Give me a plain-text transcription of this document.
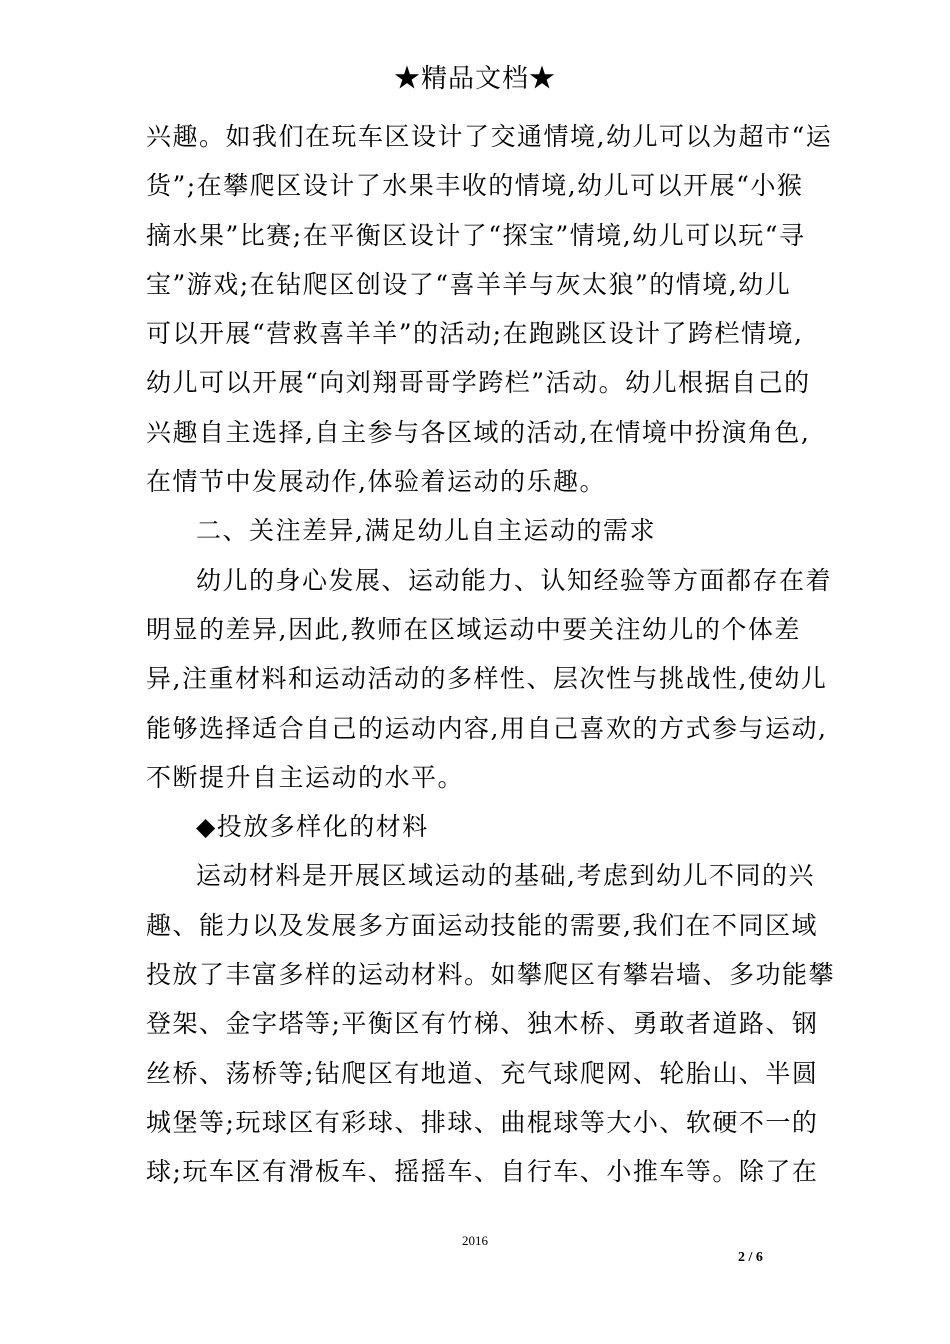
★精品文档★
兴趣。如我们在玩车区设计了交通情境,幼儿可以为超市“运
货”;在攀爬区设计了水果丰收的情境,幼儿可以开展“小猴
摘水果”比赛;在平衡区设计了“探宝”情境,幼儿可以玩“寻
宝”游戏;在钻爬区创设了“喜羊羊与灰太狼”的情境,幼儿
可以开展“营救喜羊羊”的活动;在跑跳区设计了跨栏情境,
幼儿可以开展“向刘翔哥哥学跨栏”活动。幼儿根据自己的
兴趣自主选择,自主参与各区域的活动,在情境中扮演角色,
在情节中发展动作,体验着运动的乐趣。
二、关注差异,满足幼儿自主运动的需求
幼儿的身心发展、运动能力、认知经验等方面都存在着
明显的差异,因此,教师在区域运动中要关注幼儿的个体差
异,注重材料和运动活动的多样性、层次性与挑战性,使幼儿
能够选择适合自己的运动内容,用自己喜欢的方式参与运动,
不断提升自主运动的水平。
◆投放多样化的材料
运动材料是开展区域运动的基础,考虑到幼儿不同的兴
趣、能力以及发展多方面运动技能的需要,我们在不同区域
投放了丰富多样的运动材料。如攀爬区有攀岩墙、多功能攀
登架、金字塔等;平衡区有竹梯、独木桥、勇敢者道路、钢
丝桥、荡桥等;钻爬区有地道、充气球爬网、轮胎山、半圆
城堡等;玩球区有彩球、排球、曲棍球等大小、软硬不一的
球;玩车区有滑板车、摇摇车、自行车、小推车等。除了在
2016
2 / 6
